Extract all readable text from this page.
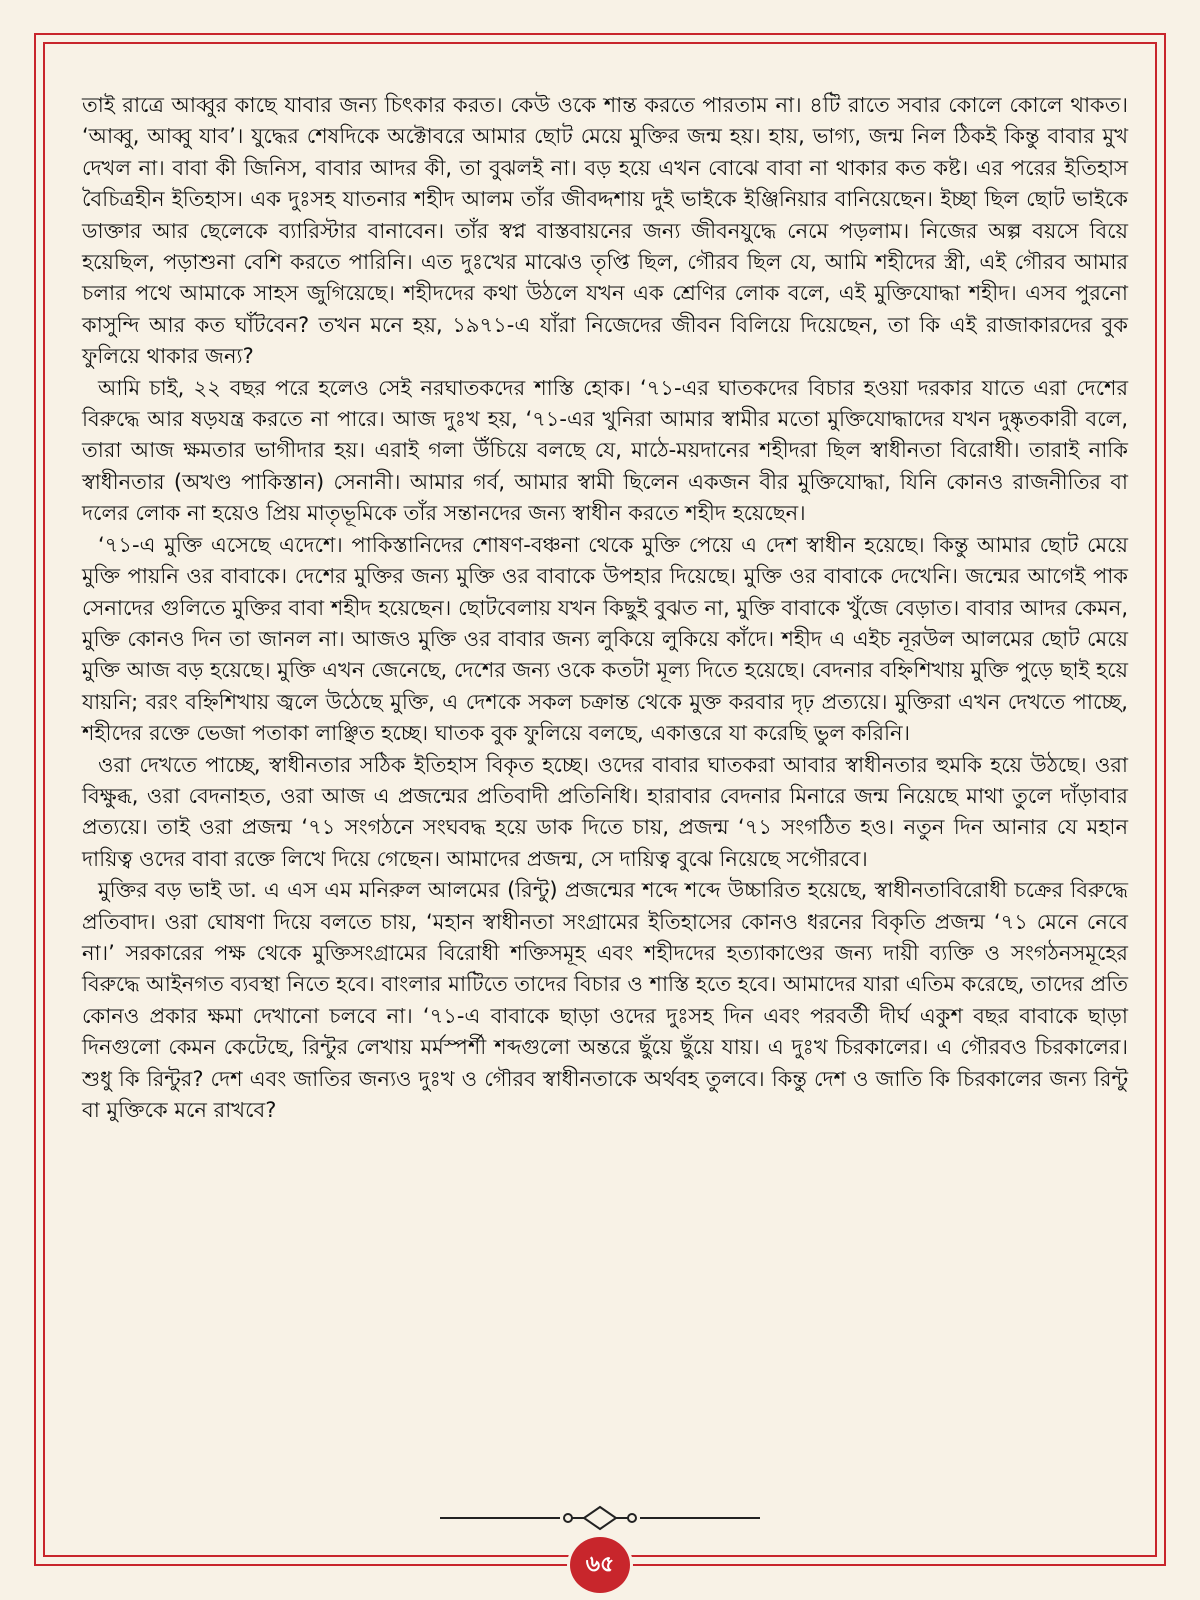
তাই রাত্রে আব্বুর কাছে যাবার জন্য চিৎকার করত। কেউ ওকে শান্ত করতে পারতাম না। ৪টি রাতে সবার কোলে কোলে থাকত। ‘আব্বু, আব্বু যাব’। যুদ্ধের শেষদিকে অক্টোবরে আমার ছোট মেয়ে মুক্তির জন্ম হয়। হায়, ভাগ্য, জন্ম নিল ঠিকই কিন্তু বাবার মুখ দেখল না। বাবা কী জিনিস, বাবার আদর কী, তা বুঝলই না। বড় হয়ে এখন বোঝে বাবা না থাকার কত কষ্ট। এর পরের ইতিহাস বৈচিত্রহীন ইতিহাস। এক দুঃসহ যাতনার শহীদ আলম তাঁর জীবদ্দশায় দুই ভাইকে ইঞ্জিনিয়ার বানিয়েছেন। ইচ্ছা ছিল ছোট ভাইকে ডাক্তার আর ছেলেকে ব্যারিস্টার বানাবেন। তাঁর স্বপ্ন বাস্তবায়নের জন্য জীবনযুদ্ধে নেমে পড়লাম। নিজের অল্প বয়সে বিয়ে হয়েছিল, পড়াশুনা বেশি করতে পারিনি। এত দুঃখের মাঝেও তৃপ্তি ছিল, গৌরব ছিল যে, আমি শহীদের স্ত্রী, এই গৌরব আমার চলার পথে আমাকে সাহস জুগিয়েছে। শহীদদের কথা উঠলে যখন এক শ্রেণির লোক বলে, এই মুক্তিযোদ্ধা শহীদ। এসব পুরনো কাসুন্দি আর কত ঘাঁটবেন? তখন মনে হয়, ১৯৭১-এ যাঁরা নিজেদের জীবন বিলিয়ে দিয়েছেন, তা কি এই রাজাকারদের বুক ফুলিয়ে থাকার জন্য?

আমি চাই, ২২ বছর পরে হলেও সেই নরঘাতকদের শাস্তি হোক। ‘৭১-এর ঘাতকদের বিচার হওয়া দরকার যাতে এরা দেশের বিরুদ্ধে আর ষড়যন্ত্র করতে না পারে। আজ দুঃখ হয়, ‘৭১-এর খুনিরা আমার স্বামীর মতো মুক্তিযোদ্ধাদের যখন দুষ্কৃতকারী বলে, তারা আজ ক্ষমতার ভাগীদার হয়। এরাই গলা উঁচিয়ে বলছে যে, মাঠে-ময়দানের শহীদরা ছিল স্বাধীনতা বিরোধী। তারাই নাকি স্বাধীনতার (অখণ্ড পাকিস্তান) সেনানী। আমার গর্ব, আমার স্বামী ছিলেন একজন বীর মুক্তিযোদ্ধা, যিনি কোনও রাজনীতির বা দলের লোক না হয়েও প্রিয় মাতৃভূমিকে তাঁর সন্তানদের জন্য স্বাধীন করতে শহীদ হয়েছেন।

‘৭১-এ মুক্তি এসেছে এদেশে। পাকিস্তানিদের শোষণ-বঞ্চনা থেকে মুক্তি পেয়ে এ দেশ স্বাধীন হয়েছে। কিন্তু আমার ছোট মেয়ে মুক্তি পায়নি ওর বাবাকে। দেশের মুক্তির জন্য মুক্তি ওর বাবাকে উপহার দিয়েছে। মুক্তি ওর বাবাকে দেখেনি। জন্মের আগেই পাক সেনাদের গুলিতে মুক্তির বাবা শহীদ হয়েছেন। ছোটবেলায় যখন কিছুই বুঝত না, মুক্তি বাবাকে খুঁজে বেড়াত। বাবার আদর কেমন, মুক্তি কোনও দিন তা জানল না। আজও মুক্তি ওর বাবার জন্য লুকিয়ে লুকিয়ে কাঁদে। শহীদ এ এইচ নূরউল আলমের ছোট মেয়ে মুক্তি আজ বড় হয়েছে। মুক্তি এখন জেনেছে, দেশের জন্য ওকে কতটা মূল্য দিতে হয়েছে। বেদনার বহ্নিশিখায় মুক্তি পুড়ে ছাই হয়ে যায়নি; বরং বহ্নিশিখায় জ্বলে উঠেছে মুক্তি, এ দেশকে সকল চক্রান্ত থেকে মুক্ত করবার দৃঢ় প্রত্যয়ে। মুক্তিরা এখন দেখতে পাচ্ছে, শহীদের রক্তে ভেজা পতাকা লাঞ্ছিত হচ্ছে। ঘাতক বুক ফুলিয়ে বলছে, একাত্তরে যা করেছি ভুল করিনি।

ওরা দেখতে পাচ্ছে, স্বাধীনতার সঠিক ইতিহাস বিকৃত হচ্ছে। ওদের বাবার ঘাতকরা আবার স্বাধীনতার হুমকি হয়ে উঠছে। ওরা বিক্ষুব্ধ, ওরা বেদনাহত, ওরা আজ এ প্রজন্মের প্রতিবাদী প্রতিনিধি। হারাবার বেদনার মিনারে জন্ম নিয়েছে মাথা তুলে দাঁড়াবার প্রত্যয়ে। তাই ওরা প্রজন্ম ‘৭১ সংগঠনে সংঘবদ্ধ হয়ে ডাক দিতে চায়, প্রজন্ম ‘৭১ সংগঠিত হও। নতুন দিন আনার যে মহান দায়িত্ব ওদের বাবা রক্তে লিখে দিয়ে গেছেন। আমাদের প্রজন্ম, সে দায়িত্ব বুঝে নিয়েছে সগৌরবে।

মুক্তির বড় ভাই ডা. এ এস এম মনিরুল আলমের (রিন্টু) প্রজন্মের শব্দে শব্দে উচ্চারিত হয়েছে, স্বাধীনতাবিরোধী চক্রের বিরুদ্ধে প্রতিবাদ। ওরা ঘোষণা দিয়ে বলতে চায়, ‘মহান স্বাধীনতা সংগ্রামের ইতিহাসের কোনও ধরনের বিকৃতি প্রজন্ম ‘৭১ মেনে নেবে না।’ সরকারের পক্ষ থেকে মুক্তিসংগ্রামের বিরোধী শক্তিসমূহ এবং শহীদদের হত্যাকাণ্ডের জন্য দায়ী ব্যক্তি ও সংগঠনসমূহের বিরুদ্ধে আইনগত ব্যবস্থা নিতে হবে। বাংলার মাটিতে তাদের বিচার ও শাস্তি হতে হবে। আমাদের যারা এতিম করেছে, তাদের প্রতি কোনও প্রকার ক্ষমা দেখানো চলবে না। ‘৭১-এ বাবাকে ছাড়া ওদের দুঃসহ দিন এবং পরবর্তী দীর্ঘ একুশ বছর বাবাকে ছাড়া দিনগুলো কেমন কেটেছে, রিন্টুর লেখায় মর্মস্পর্শী শব্দগুলো অন্তরে ছুঁয়ে ছুঁয়ে যায়। এ দুঃখ চিরকালের। এ গৌরবও চিরকালের। শুধু কি রিন্টুর? দেশ এবং জাতির জন্যও দুঃখ ও গৌরব স্বাধীনতাকে অর্থবহ তুলবে। কিন্তু দেশ ও জাতি কি চিরকালের জন্য রিন্টু বা মুক্তিকে মনে রাখবে?

৬৫
